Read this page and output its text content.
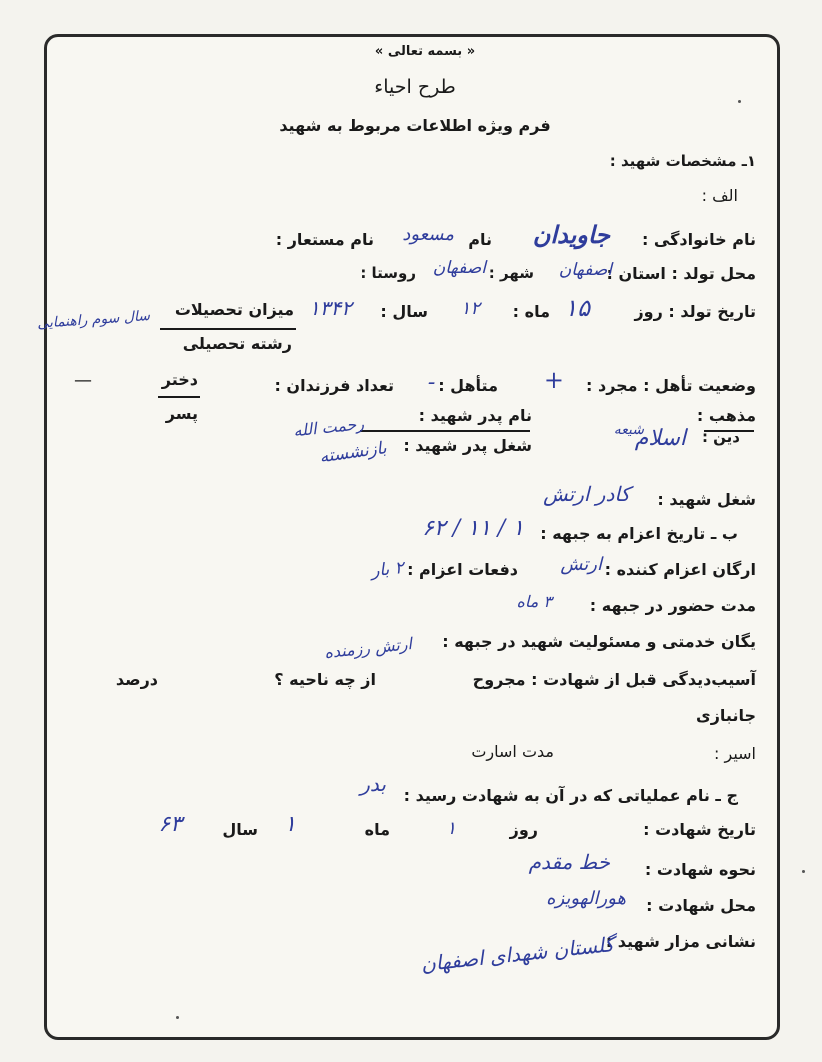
« بسمه تعالی »
طرح احیاء
فرم ویژه اطلاعات مربوط به شهید
۱ـ مشخصات شهید :
الف :
نام خانوادگی :
جاویدان
نام
مسعود
نام مستعار :
محل تولد : استان :
اصفهان
شهر :
اصفهان
روستا :
تاریخ تولد : روز
۱۵
ماه :
۱۲
سال :
۱۳۴۲
میزان تحصیلات
سال سوم راهنمایی
رشته تحصیلی
وضعیت تأهل : مجرد :
+
متأهل :
ـ
تعداد فرزندان :
دختر
پسر
—
مذهب :
شیعه	دین :
اسلام
نام پدر شهید :
رحمت الله
شغل پدر شهید :
بازنشسته
شغل شهید :
کادر ارتش
ب ـ تاریخ اعزام به جبهه :
۱ / ۱۱ / ۶۲
ارگان اعزام کننده :
ارتش
دفعات اعزام :
۲ بار
مدت حضور در جبهه :
۳ ماه
یگان خدمتی و مسئولیت شهید در جبهه :
ارتش رزمنده
آسیب‌دیدگی قبل از شهادت : مجروح
از چه ناحیه ؟
درصد
جانبازی
اسیر :
مدت اسارت
ج ـ نام عملیاتی که در آن به شهادت رسید :
بدر
تاریخ شهادت :
روز
۱
ماه
۱
سال
۶۳
نحوه شهادت :
خط مقدم
محل شهادت :
هورالهویزه
نشانی مزار شهید :
گلستان شهدای اصفهان
